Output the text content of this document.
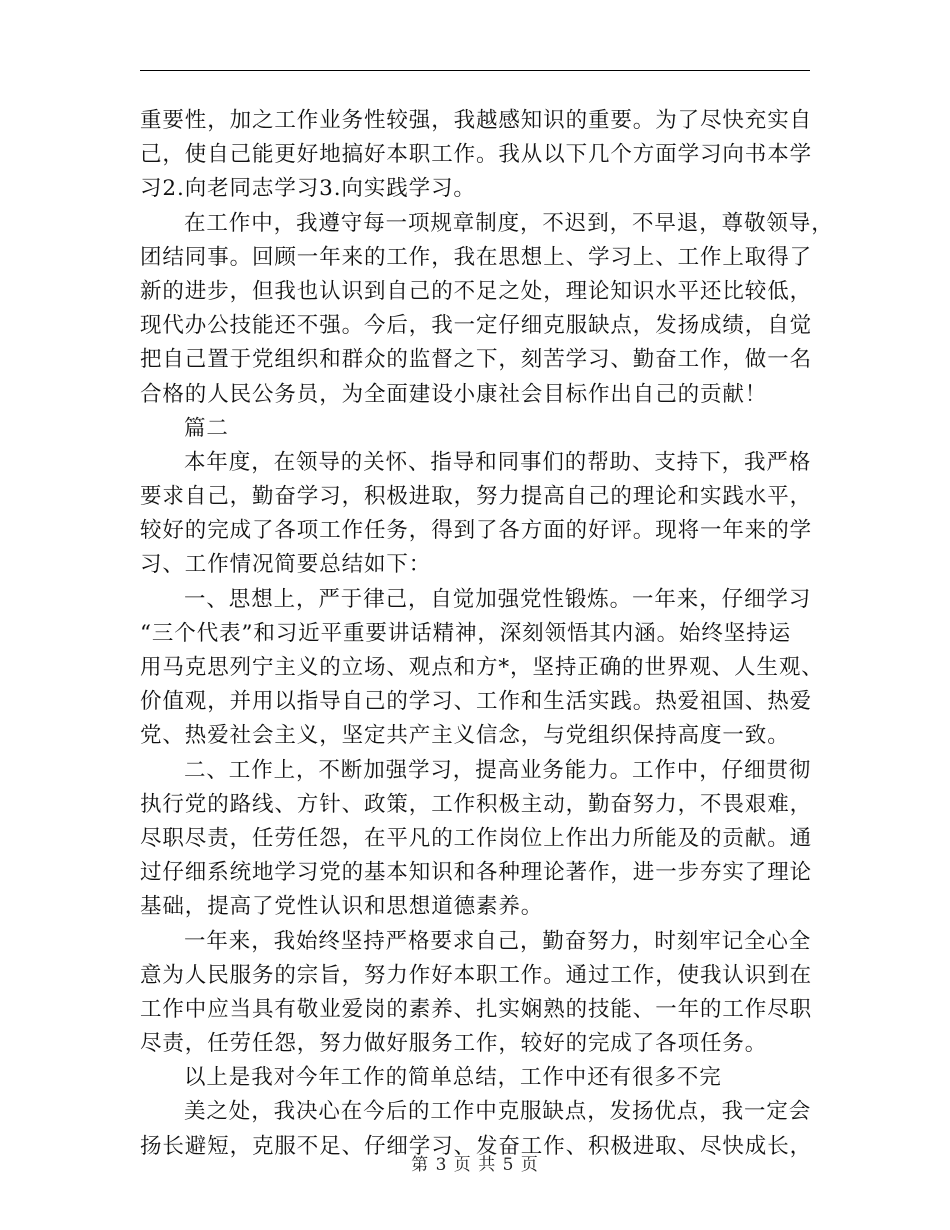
重要性，加之工作业务性较强，我越感知识的重要。为了尽快充实自
己，使自己能更好地搞好本职工作。我从以下几个方面学习向书本学
习2.向老同志学习3.向实践学习。
在工作中，我遵守每一项规章制度，不迟到，不早退，尊敬领导，
团结同事。回顾一年来的工作，我在思想上、学习上、工作上取得了
新的进步，但我也认识到自己的不足之处，理论知识水平还比较低，
现代办公技能还不强。今后，我一定仔细克服缺点，发扬成绩，自觉
把自己置于党组织和群众的监督之下，刻苦学习、勤奋工作，做一名
合格的人民公务员，为全面建设小康社会目标作出自己的贡献！
篇二
本年度，在领导的关怀、指导和同事们的帮助、支持下，我严格
要求自己，勤奋学习，积极进取，努力提高自己的理论和实践水平，
较好的完成了各项工作任务，得到了各方面的好评。现将一年来的学
习、工作情况简要总结如下：
一、思想上，严于律己，自觉加强党性锻炼。一年来，仔细学习
“三个代表”和习近平重要讲话精神，深刻领悟其内涵。始终坚持运
用马克思列宁主义的立场、观点和方*，坚持正确的世界观、人生观、
价值观，并用以指导自己的学习、工作和生活实践。热爱祖国、热爱
党、热爱社会主义，坚定共产主义信念，与党组织保持高度一致。
二、工作上，不断加强学习，提高业务能力。工作中，仔细贯彻
执行党的路线、方针、政策，工作积极主动，勤奋努力，不畏艰难，
尽职尽责，任劳任怨，在平凡的工作岗位上作出力所能及的贡献。通
过仔细系统地学习党的基本知识和各种理论著作，进一步夯实了理论
基础，提高了党性认识和思想道德素养。
一年来，我始终坚持严格要求自己，勤奋努力，时刻牢记全心全
意为人民服务的宗旨，努力作好本职工作。通过工作，使我认识到在
工作中应当具有敬业爱岗的素养、扎实娴熟的技能、一年的工作尽职
尽责，任劳任怨，努力做好服务工作，较好的完成了各项任务。
以上是我对今年工作的简单总结，工作中还有很多不完
美之处，我决心在今后的工作中克服缺点，发扬优点，我一定会
扬长避短，克服不足、仔细学习、发奋工作、积极进取、尽快成长，
第 3 页 共 5 页
